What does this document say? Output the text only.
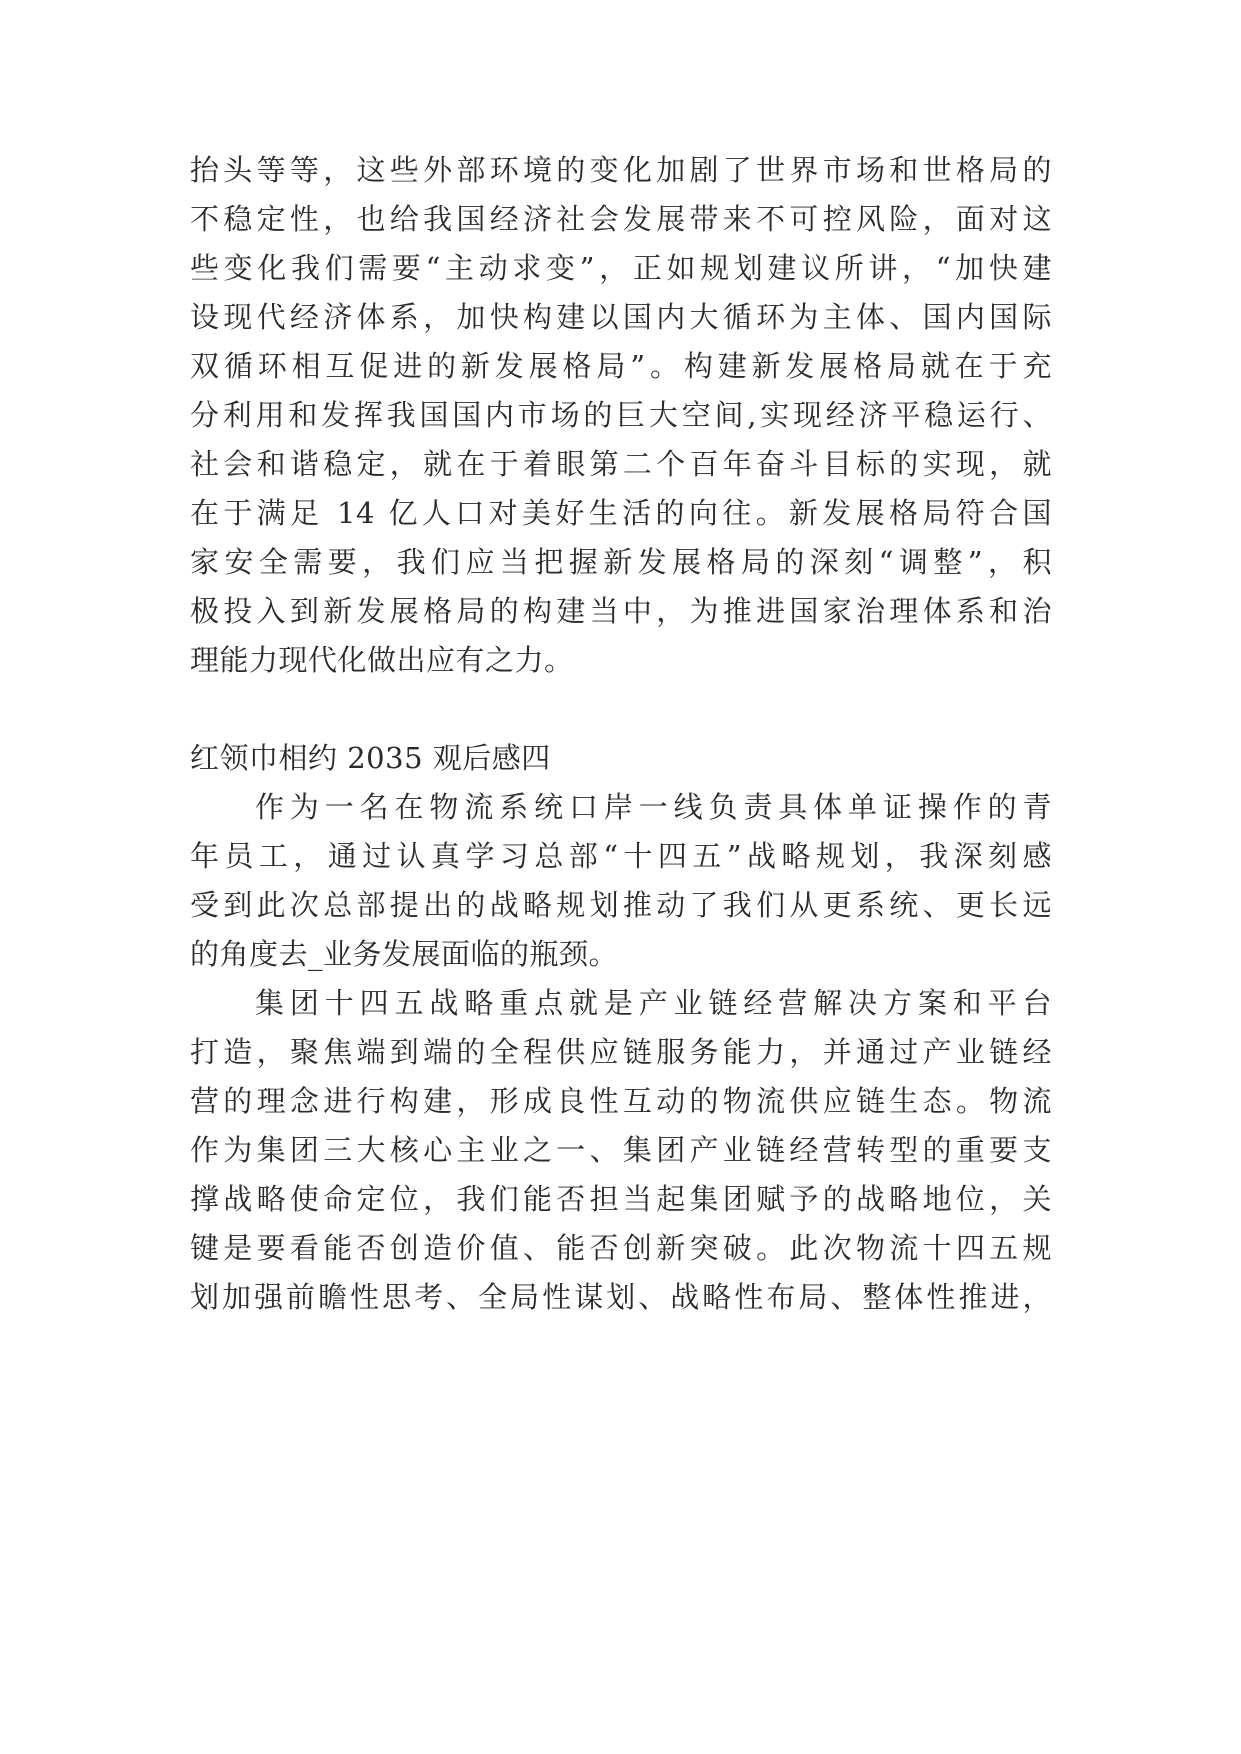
抬头等等，这些外部环境的变化加剧了世界市场和世格局的
不稳定性，也给我国经济社会发展带来不可控风险，面对这
些变化我们需要“主动求变”，正如规划建议所讲，“加快建
设现代经济体系，加快构建以国内大循环为主体、国内国际
双循环相互促进的新发展格局”。构建新发展格局就在于充
分利用和发挥我国国内市场的巨大空间,实现经济平稳运行、
社会和谐稳定，就在于着眼第二个百年奋斗目标的实现，就
在于满足 14 亿人口对美好生活的向往。新发展格局符合国
家安全需要，我们应当把握新发展格局的深刻“调整”，积
极投入到新发展格局的构建当中，为推进国家治理体系和治
理能力现代化做出应有之力。
红领巾相约 2035 观后感四
作为一名在物流系统口岸一线负责具体单证操作的青
年员工，通过认真学习总部“十四五”战略规划，我深刻感
受到此次总部提出的战略规划推动了我们从更系统、更长远
的角度去_业务发展面临的瓶颈。
集团十四五战略重点就是产业链经营解决方案和平台
打造，聚焦端到端的全程供应链服务能力，并通过产业链经
营的理念进行构建，形成良性互动的物流供应链生态。物流
作为集团三大核心主业之一、集团产业链经营转型的重要支
撑战略使命定位，我们能否担当起集团赋予的战略地位，关
键是要看能否创造价值、能否创新突破。此次物流十四五规
划加强前瞻性思考、全局性谋划、战略性布局、整体性推进，
